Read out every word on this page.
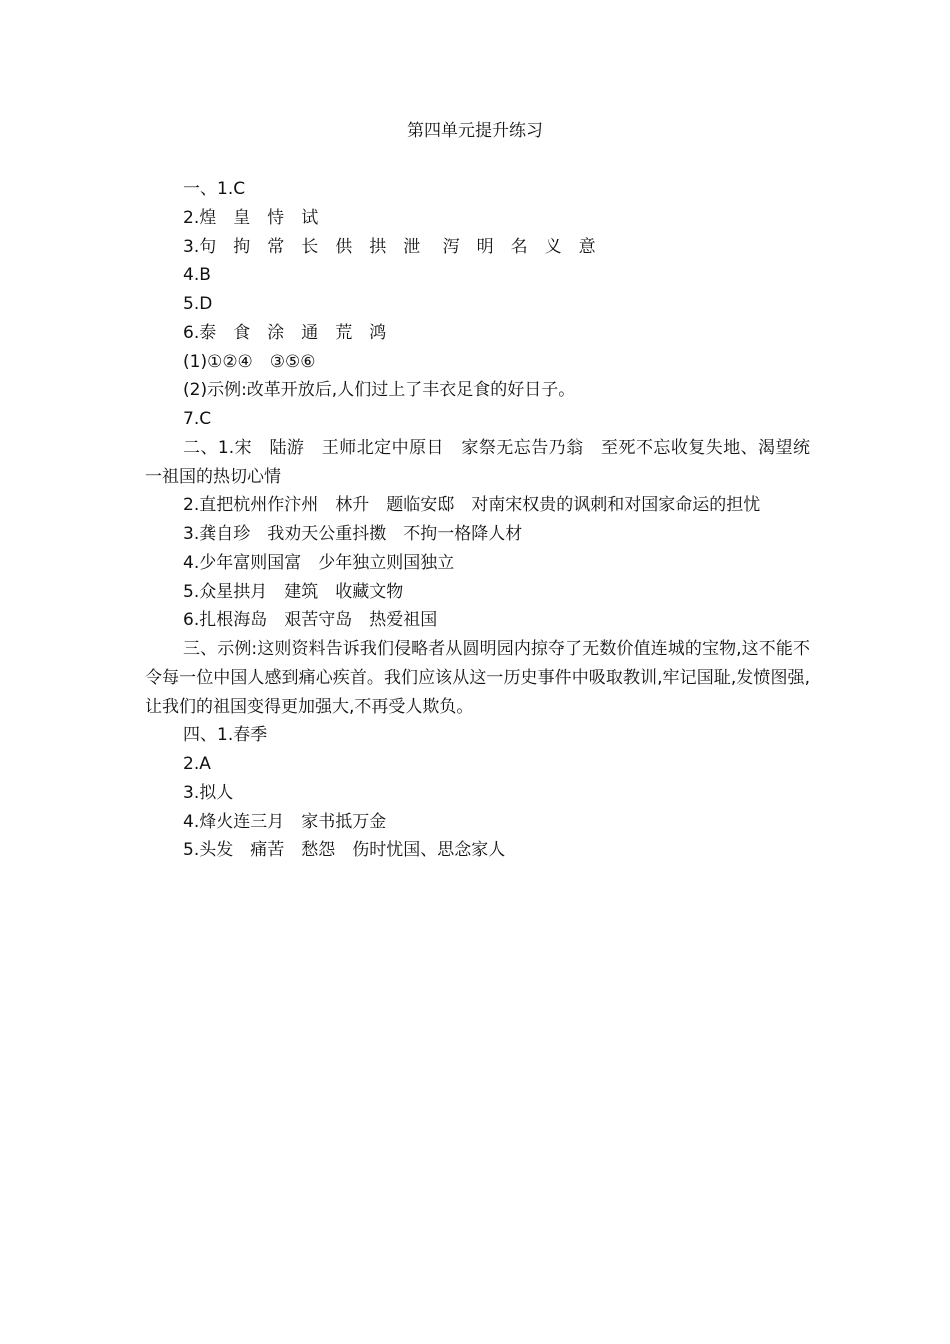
第四单元提升练习

一、1.C

2.煌　皇　恃　试

3.句　拘　常　长　供　拱　泄　 泻　明　名　义　意

4.B

5.D

6.泰　食　涂　通　荒　鸿

(1)①②④　③⑤⑥

(2)示例:改革开放后,人们过上了丰衣足食的好日子。

7.C

二、1.宋　陆游　王师北定中原日　家祭无忘告乃翁　至死不忘收复失地、渴望统一祖国的热切心情

2.直把杭州作汴州　林升　题临安邸　对南宋权贵的讽刺和对国家命运的担忧

3.龚自珍　我劝天公重抖擞　不拘一格降人材

4.少年富则国富　少年独立则国独立

5.众星拱月　建筑　收藏文物

6.扎根海岛　艰苦守岛　热爱祖国

三、示例:这则资料告诉我们侵略者从圆明园内掠夺了无数价值连城的宝物,这不能不令每一位中国人感到痛心疾首。我们应该从这一历史事件中吸取教训,牢记国耻,发愤图强,让我们的祖国变得更加强大,不再受人欺负。

四、1.春季

2.A

3.拟人

4.烽火连三月　家书抵万金

5.头发　痛苦　愁怨　伤时忧国、思念家人
